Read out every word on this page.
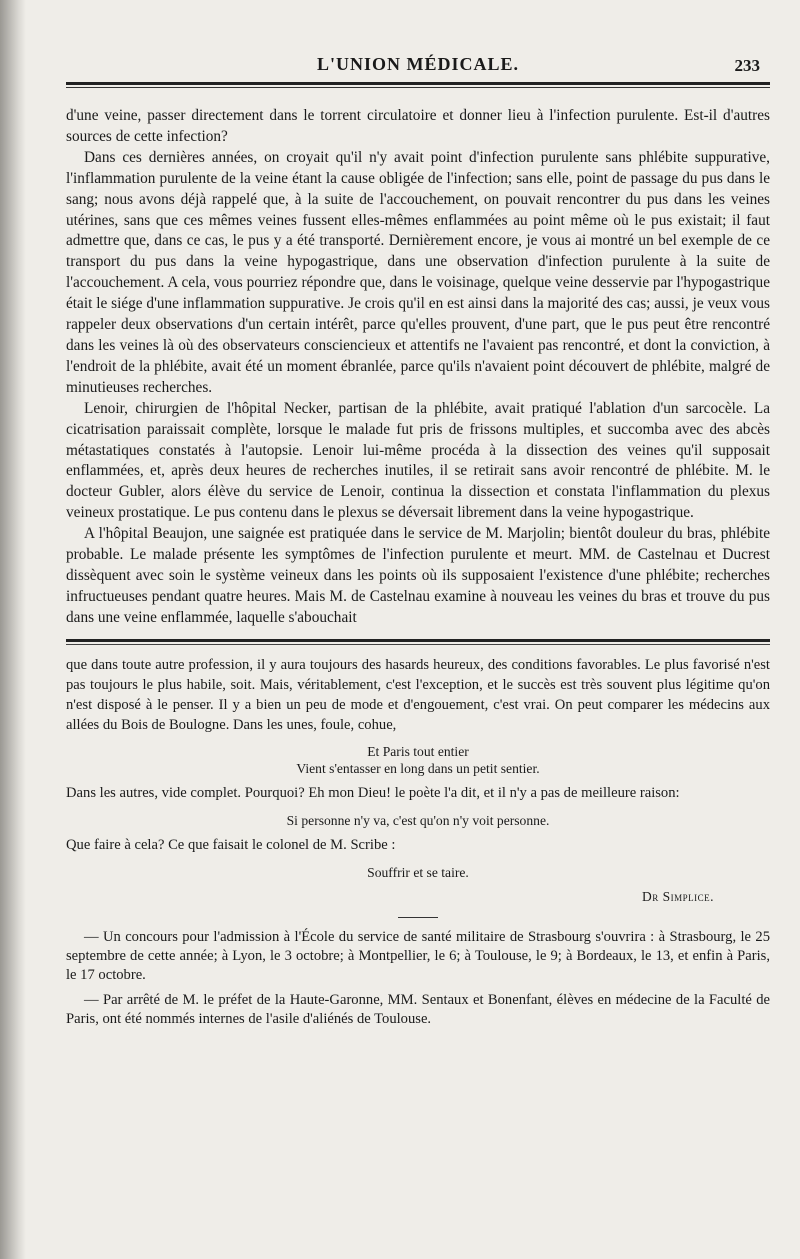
L'UNION MÉDICALE.	233

d'une veine, passer directement dans le torrent circulatoire et donner lieu à l'infection purulente. Est-il d'autres sources de cette infection?

Dans ces dernières années, on croyait qu'il n'y avait point d'infection purulente sans phlébite suppurative, l'inflammation purulente de la veine étant la cause obligée de l'infection; sans elle, point de passage du pus dans le sang; nous avons déjà rappelé que, à la suite de l'accouchement, on pouvait rencontrer du pus dans les veines utérines, sans que ces mêmes veines fussent elles-mêmes enflammées au point même où le pus existait; il faut admettre que, dans ce cas, le pus y a été transporté. Dernièrement encore, je vous ai montré un bel exemple de ce transport du pus dans la veine hypogastrique, dans une observation d'infection purulente à la suite de l'accouchement. A cela, vous pourriez répondre que, dans le voisinage, quelque veine desservie par l'hypogastrique était le siége d'une inflammation suppurative. Je crois qu'il en est ainsi dans la majorité des cas; aussi, je veux vous rappeler deux observations d'un certain intérêt, parce qu'elles prouvent, d'une part, que le pus peut être rencontré dans les veines là où des observateurs consciencieux et attentifs ne l'avaient pas rencontré, et dont la conviction, à l'endroit de la phlébite, avait été un moment ébranlée, parce qu'ils n'avaient point découvert de phlébite, malgré de minutieuses recherches.

Lenoir, chirurgien de l'hôpital Necker, partisan de la phlébite, avait pratiqué l'ablation d'un sarcocèle. La cicatrisation paraissait complète, lorsque le malade fut pris de frissons multiples, et succomba avec des abcès métastatiques constatés à l'autopsie. Lenoir lui-même procéda à la dissection des veines qu'il supposait enflammées, et, après deux heures de recherches inutiles, il se retirait sans avoir rencontré de phlébite. M. le docteur Gubler, alors élève du service de Lenoir, continua la dissection et constata l'inflammation du plexus veineux prostatique. Le pus contenu dans le plexus se déversait librement dans la veine hypogastrique.

A l'hôpital Beaujon, une saignée est pratiquée dans le service de M. Marjolin; bientôt douleur du bras, phlébite probable. Le malade présente les symptômes de l'infection purulente et meurt. MM. de Castelnau et Ducrest dissèquent avec soin le système veineux dans les points où ils supposaient l'existence d'une phlébite; recherches infructueuses pendant quatre heures. Mais M. de Castelnau examine à nouveau les veines du bras et trouve du pus dans une veine enflammée, laquelle s'abouchait

que dans toute autre profession, il y aura toujours des hasards heureux, des conditions favorables. Le plus favorisé n'est pas toujours le plus habile, soit. Mais, véritablement, c'est l'exception, et le succès est très souvent plus légitime qu'on n'est disposé à le penser. Il y a bien un peu de mode et d'engouement, c'est vrai. On peut comparer les médecins aux allées du Bois de Boulogne. Dans les unes, foule, cohue,

Et Paris tout entier
Vient s'entasser en long dans un petit sentier.

Dans les autres, vide complet. Pourquoi? Eh mon Dieu! le poète l'a dit, et il n'y a pas de meilleure raison:

Si personne n'y va, c'est qu'on n'y voit personne.

Que faire à cela? Ce que faisait le colonel de M. Scribe :

Souffrir et se taire.
Dr Simplice.

— Un concours pour l'admission à l'École du service de santé militaire de Strasbourg s'ouvrira : à Strasbourg, le 25 septembre de cette année; à Lyon, le 3 octobre; à Montpellier, le 6; à Toulouse, le 9; à Bordeaux, le 13, et enfin à Paris, le 17 octobre.

— Par arrêté de M. le préfet de la Haute-Garonne, MM. Sentaux et Bonenfant, élèves en médecine de la Faculté de Paris, ont été nommés internes de l'asile d'aliénés de Toulouse.
